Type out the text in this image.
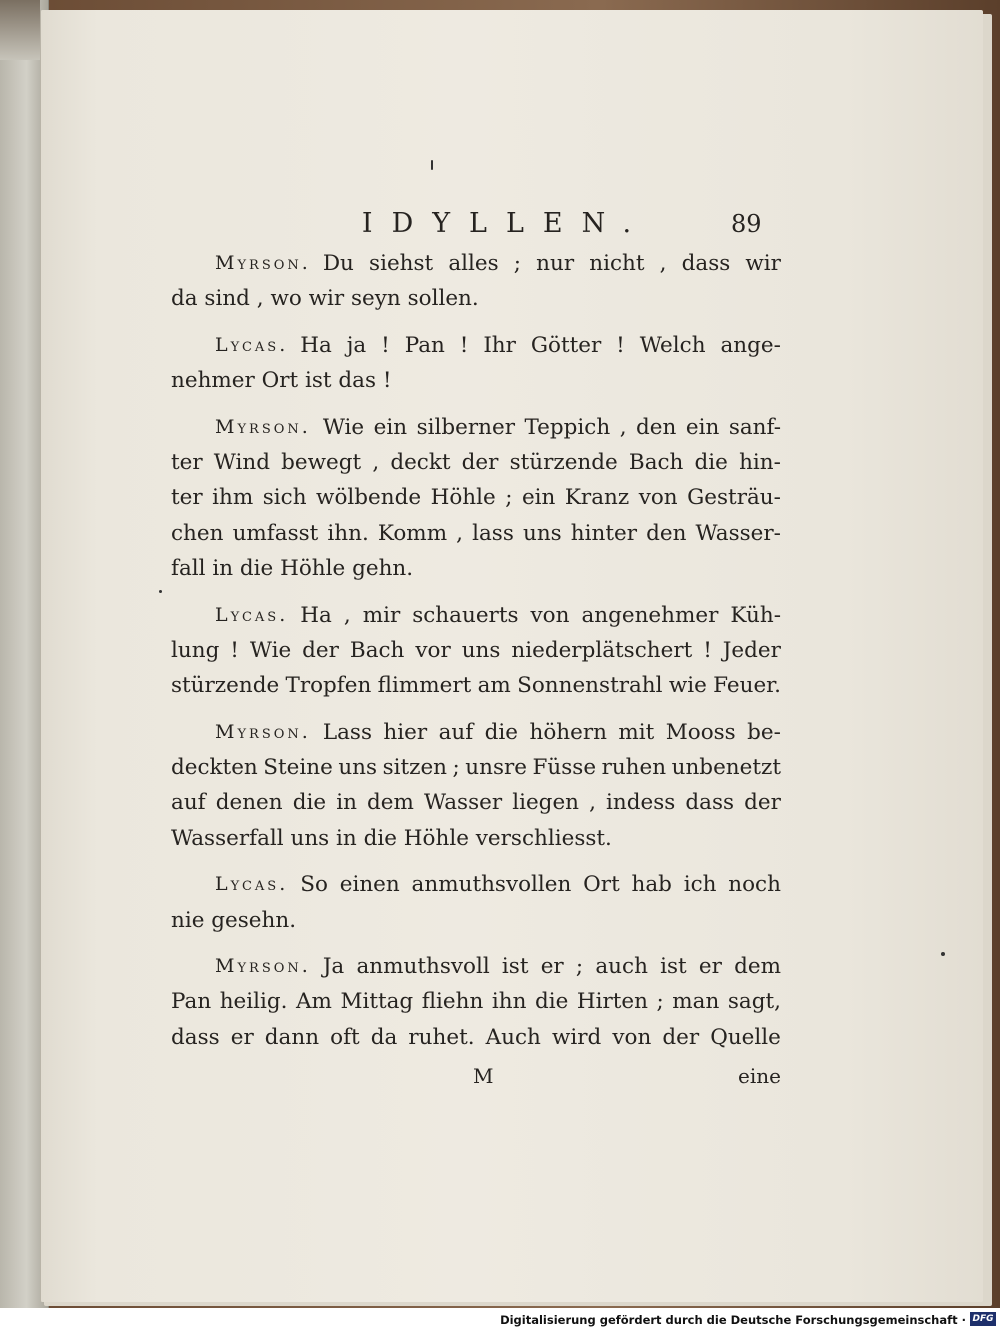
IDYLLEN.	89
Myrson. Du siehst alles ; nur nicht , dass wir
da sind , wo wir seyn sollen.
Lycas. Ha ja ! Pan ! Ihr Götter ! Welch ange-
nehmer Ort ist das !
Myrson. Wie ein silberner Teppich , den ein sanf-
ter Wind bewegt , deckt der stürzende Bach die hin-
ter ihm sich wölbende Höhle ; ein Kranz von Gesträu-
chen umfasst ihn. Komm , lass uns hinter den Wasser-
fall in die Höhle gehn.
Lycas. Ha , mir schauerts von angenehmer Küh-
lung ! Wie der Bach vor uns niederplätschert ! Jeder
stürzende Tropfen flimmert am Sonnenstrahl wie Feuer.
Myrson. Lass hier auf die höhern mit Mooss be-
deckten Steine uns sitzen ; unsre Füsse ruhen unbenetzt
auf denen die in dem Wasser liegen , indess dass der
Wasserfall uns in die Höhle verschliesst.
Lycas. So einen anmuthsvollen Ort hab ich noch
nie gesehn.
Myrson. Ja anmuthsvoll ist er ; auch ist er dem
Pan heilig. Am Mittag fliehn ihn die Hirten ; man sagt,
dass er dann oft da ruhet. Auch wird von der Quelle
M	eine
Digitalisierung gefördert durch die Deutsche Forschungsgemeinschaft · DFG
